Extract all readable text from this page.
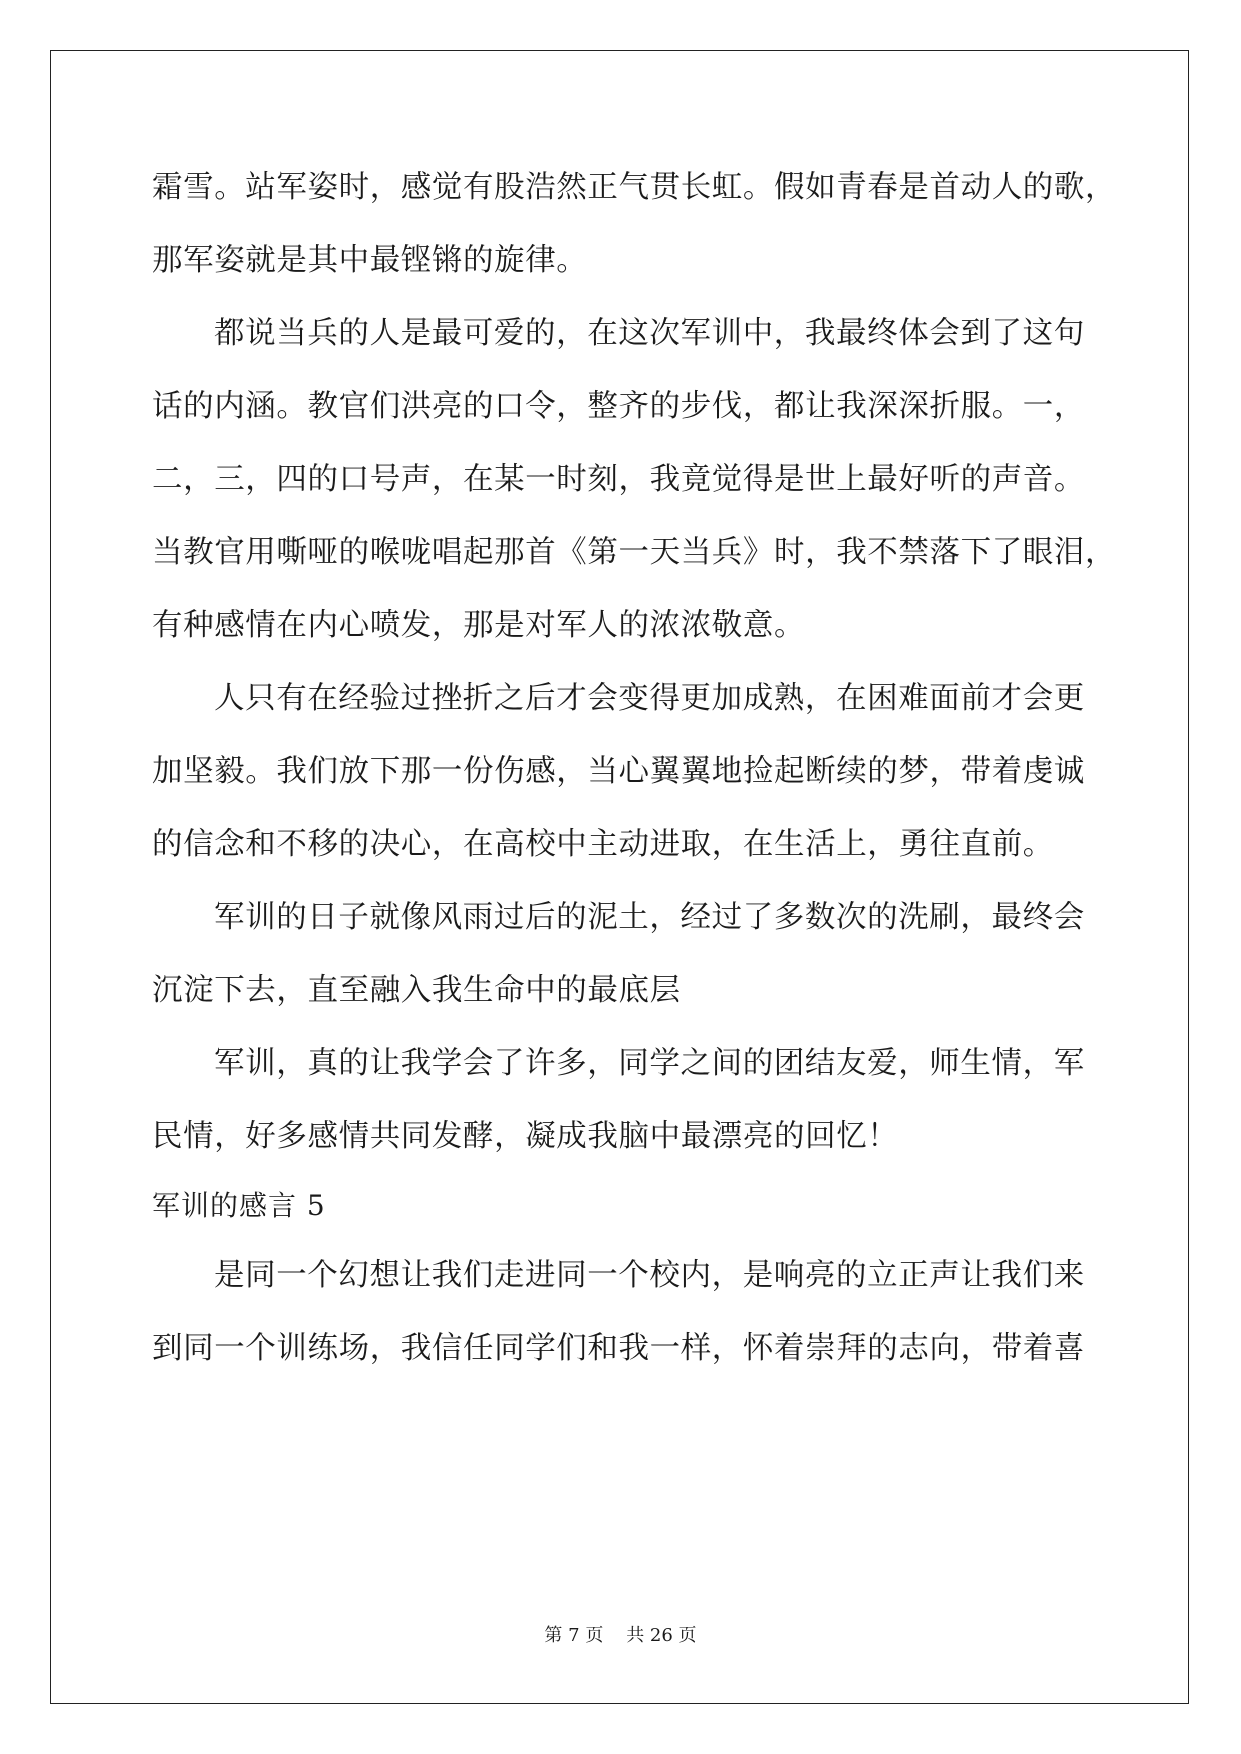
霜雪。站军姿时，感觉有股浩然正气贯长虹。假如青春是首动人的歌，
那军姿就是其中最铿锵的旋律。
都说当兵的人是最可爱的，在这次军训中，我最终体会到了这句
话的内涵。教官们洪亮的口令，整齐的步伐，都让我深深折服。一，
二，三，四的口号声，在某一时刻，我竟觉得是世上最好听的声音。
当教官用嘶哑的喉咙唱起那首《第一天当兵》时，我不禁落下了眼泪，
有种感情在内心喷发，那是对军人的浓浓敬意。
人只有在经验过挫折之后才会变得更加成熟，在困难面前才会更
加坚毅。我们放下那一份伤感，当心翼翼地捡起断续的梦，带着虔诚
的信念和不移的决心，在高校中主动进取，在生活上，勇往直前。
军训的日子就像风雨过后的泥土，经过了多数次的洗刷，最终会
沉淀下去，直至融入我生命中的最底层
军训，真的让我学会了许多，同学之间的团结友爱，师生情，军
民情，好多感情共同发酵，凝成我脑中最漂亮的回忆！
军训的感言 5
是同一个幻想让我们走进同一个校内，是响亮的立正声让我们来
到同一个训练场，我信任同学们和我一样，怀着崇拜的志向，带着喜
第 7 页    共 26 页
